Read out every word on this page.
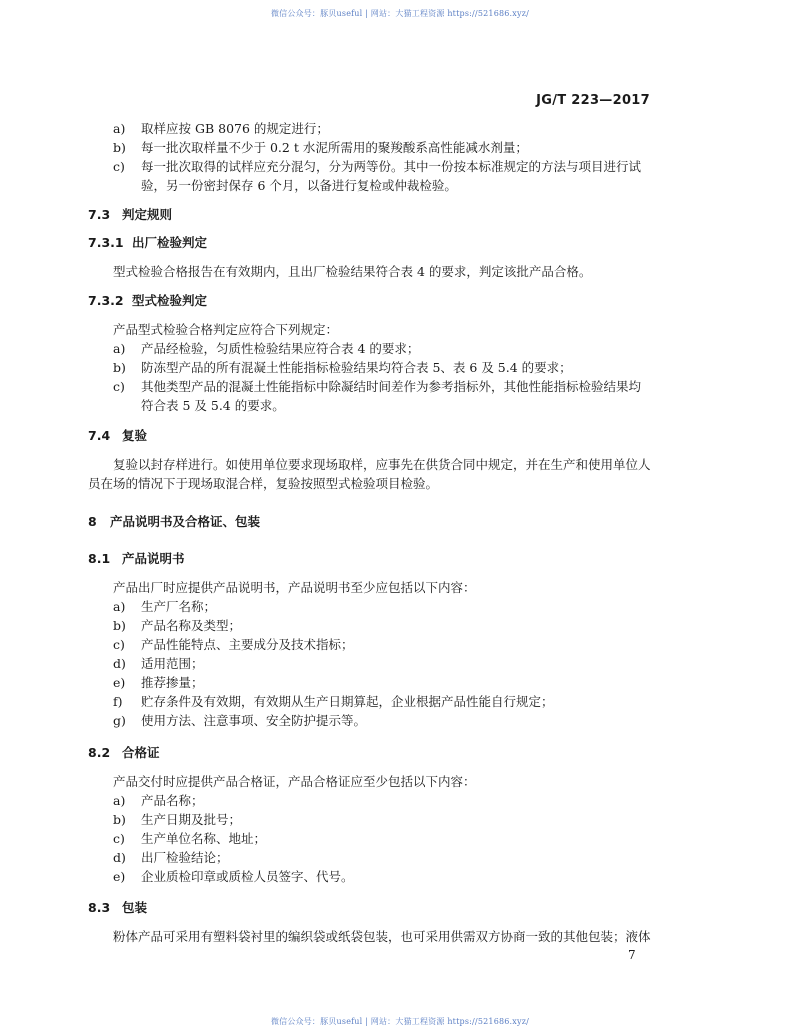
微信公众号：豚贝useful | 网站：大猫工程资源 https://521686.xyz/
JG/T 223—2017
a) 取样应按 GB 8076 的规定进行；
b) 每一批次取样量不少于 0.2 t 水泥所需用的聚羧酸系高性能减水剂量；
c) 每一批次取得的试样应充分混匀，分为两等份。其中一份按本标准规定的方法与项目进行试
验，另一份密封保存 6 个月，以备进行复检或仲裁检验。
7.3 判定规则
7.3.1 出厂检验判定
型式检验合格报告在有效期内，且出厂检验结果符合表 4 的要求，判定该批产品合格。
7.3.2 型式检验判定
产品型式检验合格判定应符合下列规定：
a) 产品经检验，匀质性检验结果应符合表 4 的要求；
b) 防冻型产品的所有混凝土性能指标检验结果均符合表 5、表 6 及 5.4 的要求；
c) 其他类型产品的混凝土性能指标中除凝结时间差作为参考指标外，其他性能指标检验结果均
符合表 5 及 5.4 的要求。
7.4 复验
复验以封存样进行。如使用单位要求现场取样，应事先在供货合同中规定，并在生产和使用单位人
员在场的情况下于现场取混合样，复验按照型式检验项目检验。
8 产品说明书及合格证、包装
8.1 产品说明书
产品出厂时应提供产品说明书，产品说明书至少应包括以下内容：
a) 生产厂名称；
b) 产品名称及类型；
c) 产品性能特点、主要成分及技术指标；
d) 适用范围；
e) 推荐掺量；
f) 贮存条件及有效期，有效期从生产日期算起，企业根据产品性能自行规定；
g) 使用方法、注意事项、安全防护提示等。
8.2 合格证
产品交付时应提供产品合格证，产品合格证应至少包括以下内容：
a) 产品名称；
b) 生产日期及批号；
c) 生产单位名称、地址；
d) 出厂检验结论；
e) 企业质检印章或质检人员签字、代号。
8.3 包装
粉体产品可采用有塑料袋衬里的编织袋或纸袋包装，也可采用供需双方协商一致的其他包装；液体
7
微信公众号：豚贝useful | 网站：大猫工程资源 https://521686.xyz/
